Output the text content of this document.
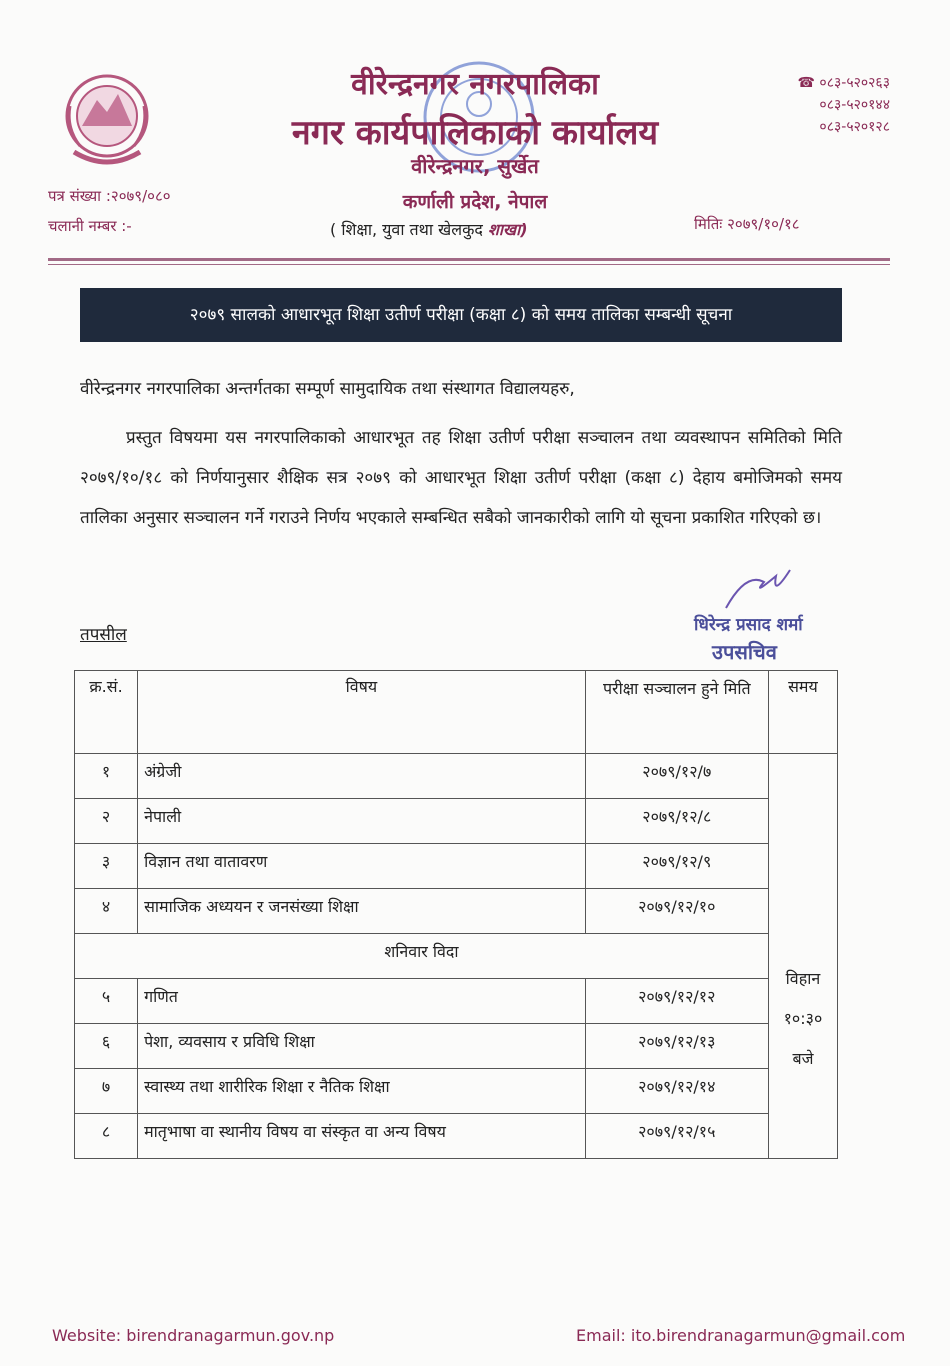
वीरेन्द्रनगर नगरपालिका
नगर कार्यपालिकाको कार्यालय
वीरेन्द्रनगर, सुर्खेत
कर्णाली प्रदेश, नेपाल
( शिक्षा, युवा तथा खेलकुद शाखा)
☎ ०८३-५२०२६३
०८३-५२०१४४
०८३-५२०१२८
पत्र संख्या :२०७९/०८०
चलानी नम्बर :-	मितिः २०७९/१०/१८
२०७९ सालको आधारभूत शिक्षा उतीर्ण परीक्षा (कक्षा ८) को समय तालिका सम्बन्धी सूचना
वीरेन्द्रनगर नगरपालिका अन्तर्गतका सम्पूर्ण सामुदायिक तथा संस्थागत विद्यालयहरु,
प्रस्तुत विषयमा यस नगरपालिकाको आधारभूत तह शिक्षा उतीर्ण परीक्षा सञ्चालन तथा व्यवस्थापन समितिको मिति २०७९/१०/१८ को निर्णयानुसार शैक्षिक सत्र २०७९ को आधारभूत शिक्षा उतीर्ण परीक्षा (कक्षा ८) देहाय बमोजिमको समय तालिका अनुसार सञ्चालन गर्ने गराउने निर्णय भएकाले सम्बन्धित सबैको जानकारीको लागि यो सूचना प्रकाशित गरिएको छ।
धिरेन्द्र प्रसाद शर्मा
उपसचिव
तपसील
क्र.सं.	विषय	परीक्षा सञ्चालन हुने मिति	समय
१	अंग्रेजी	२०७९/१२/७	विहान
१०:३०
बजे

२	नेपाली	२०७९/१२/८	
३	विज्ञान तथा वातावरण	२०७९/१२/९	
४	सामाजिक अध्ययन र जनसंख्या शिक्षा	२०७९/१२/१०	
शनिवार विदा			
५	गणित	२०७९/१२/१२	
६	पेशा, व्यवसाय र प्रविधि शिक्षा	२०७९/१२/१३	
७	स्वास्थ्य तथा शारीरिक शिक्षा र नैतिक शिक्षा	२०७९/१२/१४	
८	मातृभाषा वा स्थानीय विषय वा संस्कृत वा अन्य विषय	२०७९/१२/१५	
Website: birendranagarmun.gov.np	Email: ito.birendranagarmun@gmail.com
